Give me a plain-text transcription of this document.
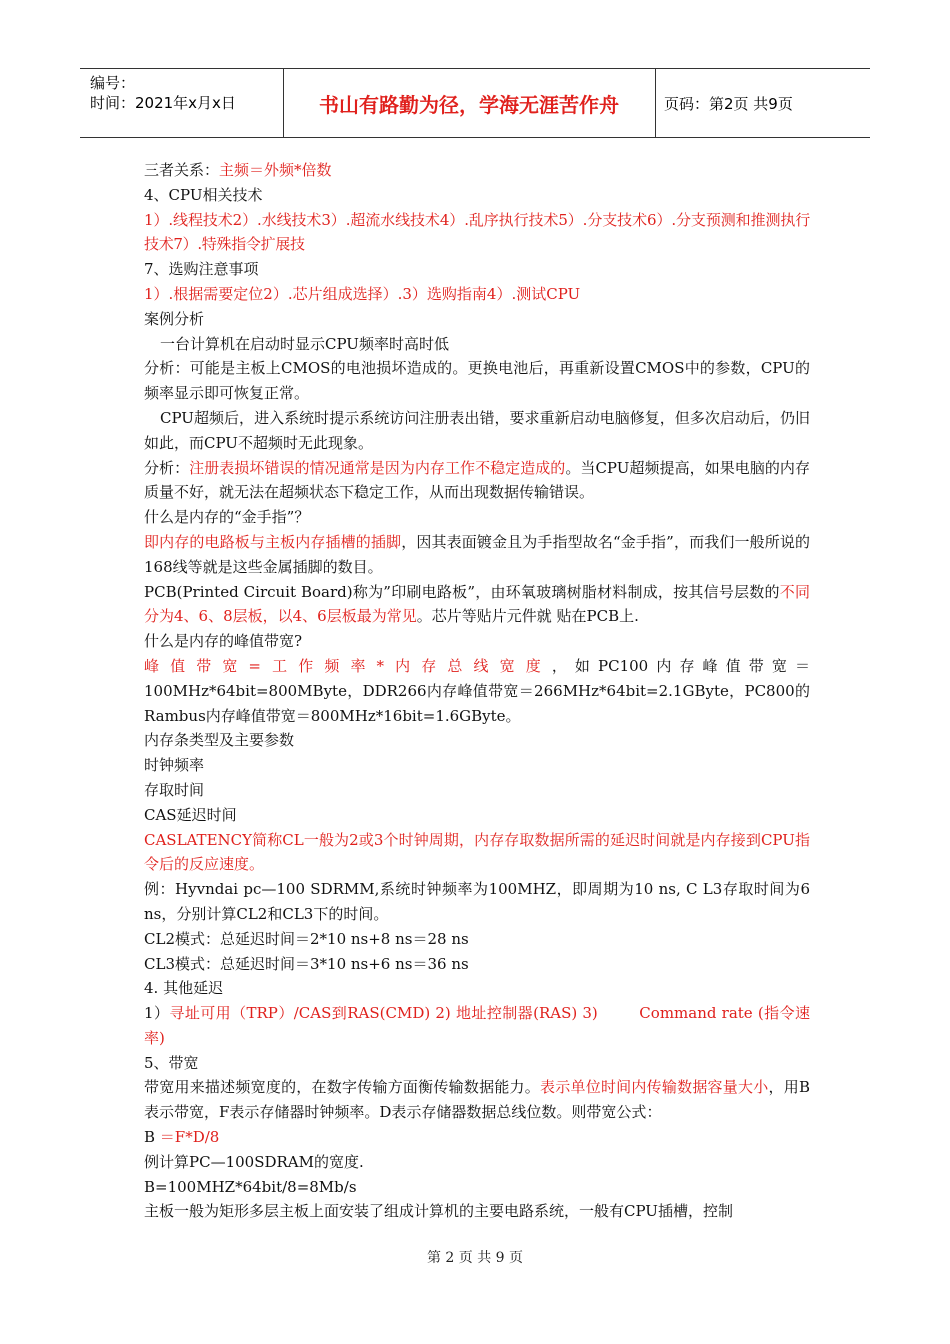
编号：
时间：2021年x月x日	书山有路勤为径，学海无涯苦作舟	页码：第2页 共9页

三者关系：主频＝外频*倍数

4、CPU相关技术

1）.线程技术2）.水线技术3）.超流水线技术4）.乱序执行技术5）.分支技术6）.分支预测和推测执行技术7）.特殊指令扩展技

7、选购注意事项

1）.根据需要定位2）.芯片组成选择）.3）选购指南4）.测试CPU

案例分析

一台计算机在启动时显示CPU频率时高时低

分析：可能是主板上CMOS的电池损坏造成的。更换电池后，再重新设置CMOS中的参数，CPU的频率显示即可恢复正常。

CPU超频后，进入系统时提示系统访问注册表出错，要求重新启动电脑修复，但多次启动后，仍旧如此，而CPU不超频时无此现象。

分析：注册表损坏错误的情况通常是因为内存工作不稳定造成的。当CPU超频提高，如果电脑的内存质量不好，就无法在超频状态下稳定工作，从而出现数据传输错误。

什么是内存的“金手指”？

即内存的电路板与主板内存插槽的插脚，因其表面镀金且为手指型故名“金手指”，而我们一般所说的168线等就是这些金属插脚的数目。

PCB(Printed Circuit Board)称为”印刷电路板”，由环氧玻璃树脂材料制成，按其信号层数的不同分为4、6、8层板，以4、6层板最为常见。芯片等贴片元件就 贴在PCB上.

什么是内存的峰值带宽?

峰值带宽=工作频率*内存总线宽度，如PC100内存峰值带宽＝100MHz*64bit=800MByte，DDR266内存峰值带宽＝266MHz*64bit=2.1GByte，PC800的Rambus内存峰值带宽＝800MHz*16bit=1.6GByte。

内存条类型及主要参数

时钟频率

存取时间

CAS延迟时间

CASLATENCY简称CL一般为2或3个时钟周期，内存存取数据所需的延迟时间就是内存接到CPU指令后的反应速度。

例：Hyvndai pc—100 SDRMM,系统时钟频率为100MHZ，即周期为10 ns, C L3存取时间为6 ns，分别计算CL2和CL3下的时间。

CL2模式：总延迟时间＝2*10 ns+8 ns＝28 ns

CL3模式：总延迟时间＝3*10 ns+6 ns＝36 ns

4. 其他延迟

1）寻址可用（TRP）/CAS到RAS(CMD) 2) 地址控制器(RAS) 3)        Command rate (指令速率)

5、带宽

带宽用来描述频宽度的，在数字传输方面衡传输数据能力。表示单位时间内传输数据容量大小，用B表示带宽，F表示存储器时钟频率。D表示存储器数据总线位数。则带宽公式：

B ＝F*D/8

例计算PC—100SDRAM的宽度.

B=100MHZ*64bit/8=8Mb/s

主板一般为矩形多层主板上面安装了组成计算机的主要电路系统，一般有CPU插槽，控制

第 2 页 共 9 页
